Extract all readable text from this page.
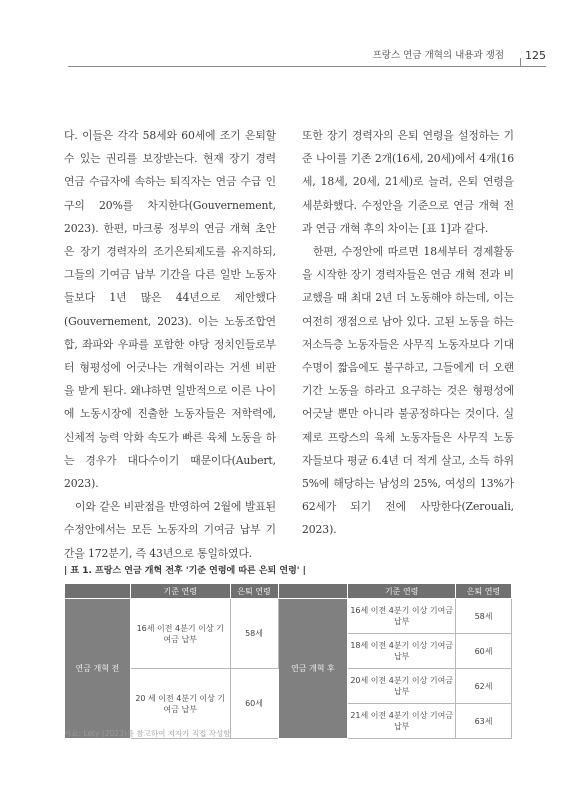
프랑스 연금 개혁의 내용과 쟁점 125

다. 이들은 각각 58세와 60세에 조기 은퇴할 수 있는 권리를 보장받는다. 현재 장기 경력 연금 수급자에 속하는 퇴직자는 연금 수급 인구의 20%를 차지한다(Gouvernement, 2023). 한편, 마크롱 정부의 연금 개혁 초안은 장기 경력자의 조기은퇴제도를 유지하되, 그들의 기여금 납부 기간을 다른 일반 노동자들보다 1년 많은 44년으로 제안했다(Gouvernement, 2023). 이는 노동조합연합, 좌파와 우파를 포함한 야당 정치인들로부터 형평성에 어긋나는 개혁이라는 거센 비판을 받게 된다. 왜냐하면 일반적으로 이른 나이에 노동시장에 진출한 노동자들은 저학력에, 신체적 능력 악화 속도가 빠른 육체 노동을 하는 경우가 대다수이기 때문이다(Aubert, 2023).

이와 같은 비판점을 반영하여 2월에 발표된 수정안에서는 모든 노동자의 기여금 납부 기간을 172분기, 즉 43년으로 통일하였다.

또한 장기 경력자의 은퇴 연령을 설정하는 기준 나이를 기존 2개(16세, 20세)에서 4개(16세, 18세, 20세, 21세)로 늘려, 은퇴 연령을 세분화했다. 수정안을 기준으로 연금 개혁 전과 연금 개혁 후의 차이는 [표 1]과 같다.

한편, 수정안에 따르면 18세부터 경제활동을 시작한 장기 경력자들은 연금 개혁 전과 비교했을 때 최대 2년 더 노동해야 하는데, 이는 여전히 쟁점으로 남아 있다. 고된 노동을 하는 저소득층 노동자들은 사무직 노동자보다 기대수명이 짧음에도 불구하고, 그들에게 더 오랜 기간 노동을 하라고 요구하는 것은 형평성에 어긋날 뿐만 아니라 불공정하다는 것이다. 실제로 프랑스의 육체 노동자들은 사무직 노동자들보다 평균 6.4년 더 적게 살고, 소득 하위 5%에 해당하는 남성의 25%, 여성의 13%가 62세가 되기 전에 사망한다(Zerouali, 2023).

| 표 1. 프랑스 연금 개혁 전후 '기준 연령에 따른 은퇴 연령' |
	기준 연령	은퇴 연령		기준 연령	은퇴 연령
연금 개혁 전	16세 이전 4분기 이상 기여금 납부	58세	연금 개혁 후	16세 이전 4분기 이상 기여금 납부	58세
				18세 이전 4분기 이상 기여금 납부	60세
	20 세 이전 4분기 이상 기여금 납부	60세		20세 이전 4분기 이상 기여금 납부	62세
				21세 이전 4분기 이상 기여금 납부	63세
자료: Lety (2023)를 참고하여 저자가 직접 작성함
